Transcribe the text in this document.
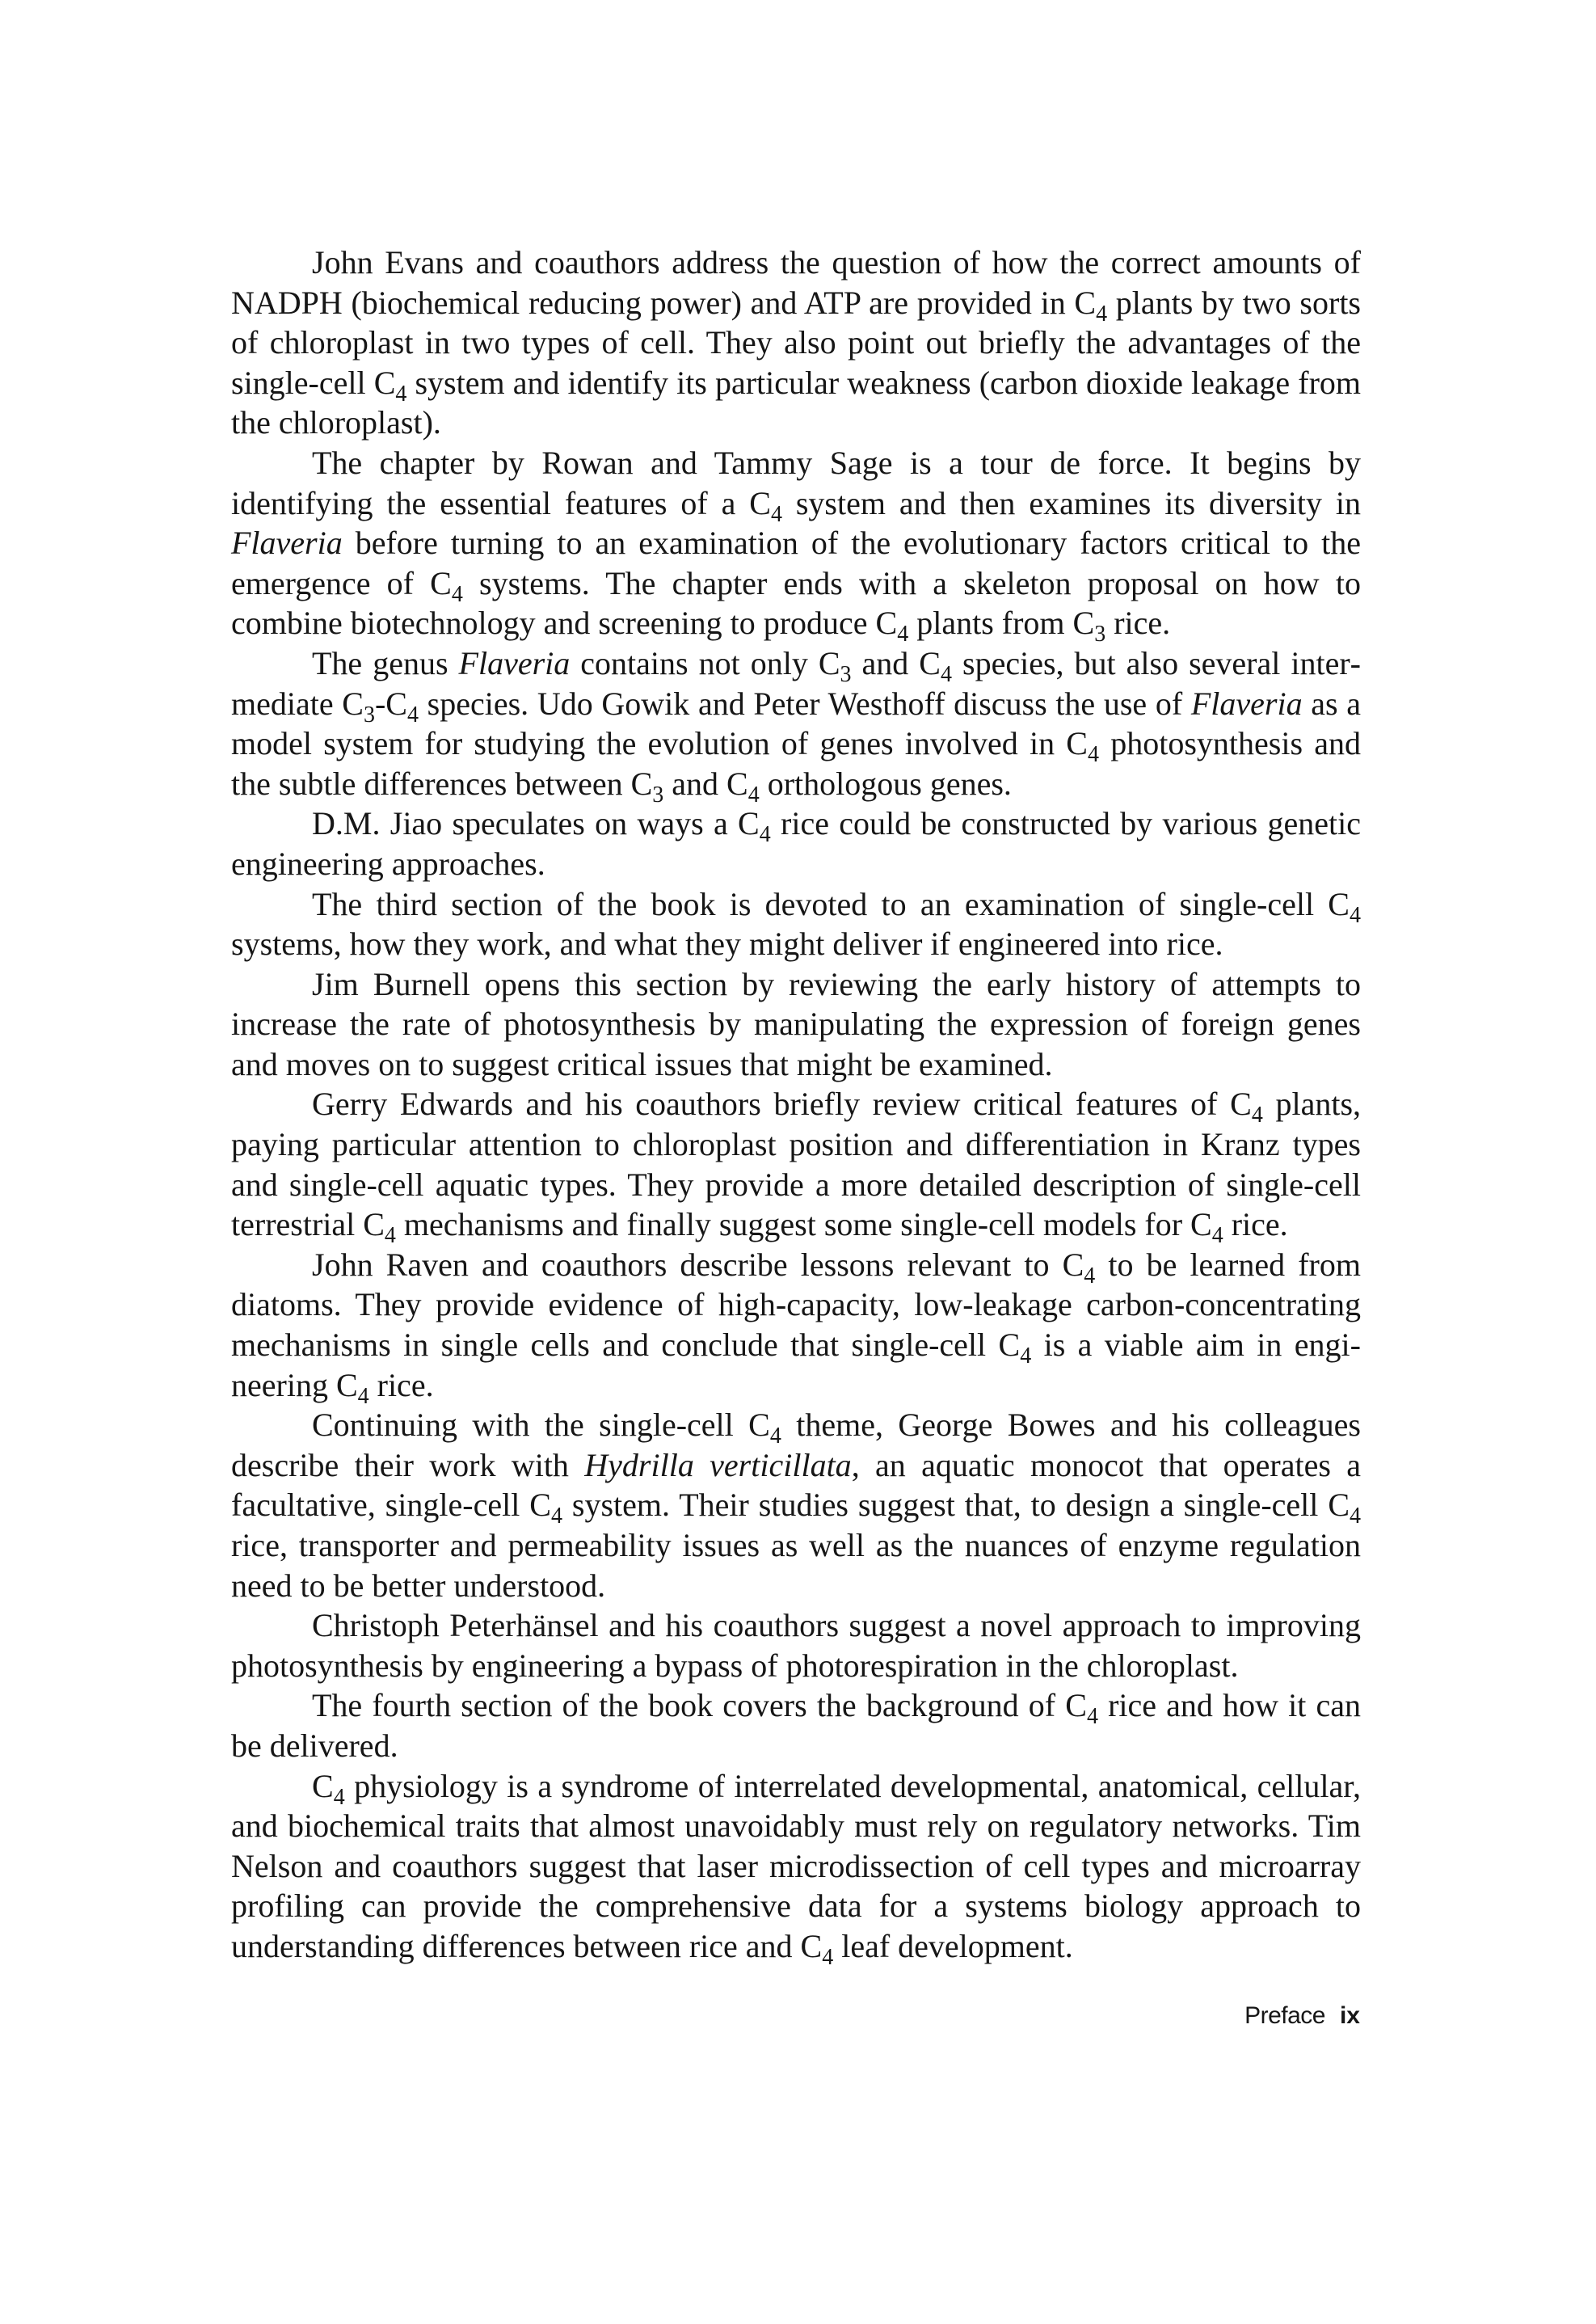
John Evans and coauthors address the question of how the correct amounts of NADPH (biochemical reducing power) and ATP are provided in $C_4$ plants by two sorts of chloroplast in two types of cell. They also point out briefly the advantages of the single-cell $C_4$ system and identify its particular weakness (carbon dioxide leakage from the chloroplast).

The chapter by Rowan and Tammy Sage is a tour de force. It begins by identifying the essential features of a $C_4$ system and then examines its diversity in Flaveria before turning to an examination of the evolutionary factors critical to the emergence of $C_4$ systems. The chapter ends with a skeleton proposal on how to combine biotechnology and screening to produce $C_4$ plants from $C_3$ rice.

The genus Flaveria contains not only $C_3$ and $C_4$ species, but also several intermediate $C_3-C_4$ species. Udo Gowik and Peter Westhoff discuss the use of Flaveria as a model system for studying the evolution of genes involved in $C_4$ photosynthesis and the subtle differences between $C_3$ and $C_4$ orthologous genes.

D.M. Jiao speculates on ways a $C_4$ rice could be constructed by various genetic engineering approaches.

The third section of the book is devoted to an examination of single-cell $C_4$ systems, how they work, and what they might deliver if engineered into rice.

Jim Burnell opens this section by reviewing the early history of attempts to increase the rate of photosynthesis by manipulating the expression of foreign genes and moves on to suggest critical issues that might be examined.

Gerry Edwards and his coauthors briefly review critical features of $C_4$ plants, paying particular attention to chloroplast position and differentiation in Kranz types and single-cell aquatic types. They provide a more detailed description of single-cell terrestrial $C_4$ mechanisms and finally suggest some single-cell models for $C_4$ rice.

John Raven and coauthors describe lessons relevant to $C_4$ to be learned from diatoms. They provide evidence of high-capacity, low-leakage carbon-concentrating mechanisms in single cells and conclude that single-cell $C_4$ is a viable aim in engineering $C_4$ rice.

Continuing with the single-cell $C_4$ theme, George Bowes and his colleagues describe their work with Hydrilla verticillata, an aquatic monocot that operates a facultative, single-cell $C_4$ system. Their studies suggest that, to design a single-cell $C_4$ rice, transporter and permeability issues as well as the nuances of enzyme regulation need to be better understood.

Christoph Peterhänsel and his coauthors suggest a novel approach to improving photosynthesis by engineering a bypass of photorespiration in the chloroplast.

The fourth section of the book covers the background of $C_4$ rice and how it can be delivered.

$C_4$ physiology is a syndrome of interrelated developmental, anatomical, cellular, and biochemical traits that almost unavoidably must rely on regulatory networks. Tim Nelson and coauthors suggest that laser microdissection of cell types and microarray profiling can provide the comprehensive data for a systems biology approach to understanding differences between rice and $C_4$ leaf development.

Preface ix
